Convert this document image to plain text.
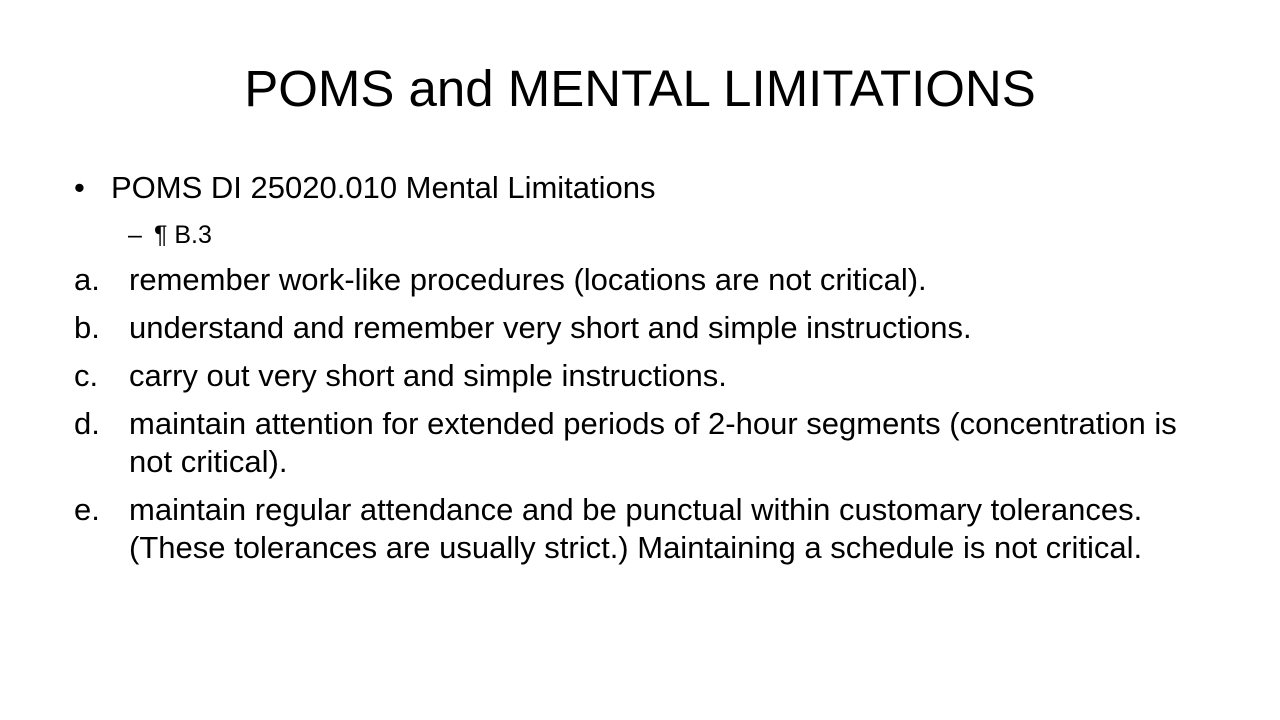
POMS and MENTAL LIMITATIONS
• POMS DI 25020.010 Mental Limitations
– ¶ B.3
a. remember work-like procedures (locations are not critical).
b. understand and remember very short and simple instructions.
c. carry out very short and simple instructions.
d. maintain attention for extended periods of 2-hour segments (concentration is not critical).
e. maintain regular attendance and be punctual within customary tolerances. (These tolerances are usually strict.) Maintaining a schedule is not critical.
